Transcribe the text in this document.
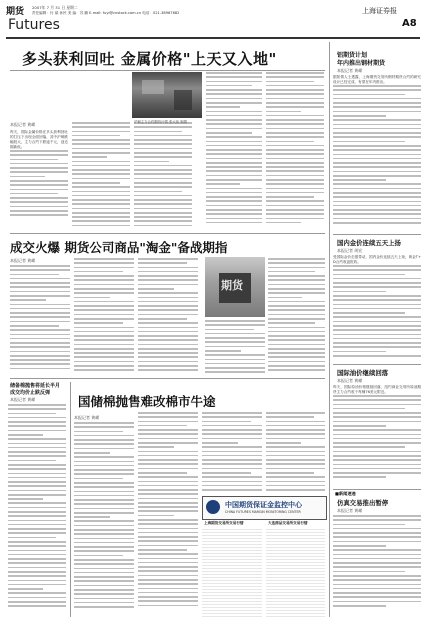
期货 2007年 7 月 31 日 星期二
责任编辑：付 斌 孙民 美 编：苏 鹏 E-mail: fuyl@cnstock.com.cn 电话：021-38967682	上海证券报
Futures	A8
多头获利回吐 金属价格"上天又入地"
本报记者 黄嵘
昨天，国际金属价格在多头获利回吐的打压下出现全面回落，其中沪铜跌幅较大，主力合约下跌逾千元，创近期新低。
沪铜主力合约期货行情 张大伟 制图
铝期货计划
年内推出钢材期货
本报记者 黄嵘
据知情人士透露，上海期货交易所钢材期货合约的研究设计已经完成，有望在年内推出。
国内金价连续五天上扬
本报记者 周宏
受国际金价走强带动，国内金价连续五天上扬，黄金T+D合约收盘报收。
国际油价继续回落
本报记者 黄嵘
昨天，国际原油价格继续回落，纽约商业交易所原油期货主力合约收于每桶76美元附近。
■新闻速递
仿真交易推出暂停
本报记者 黄嵘
成交火爆 期货公司商品"淘金"备战期指
本报记者 黄嵘
期货
储备棉抛售将延长半月
成交均价止跌反弹
本报记者 黄嵘	国储棉抛售难改棉市牛途
本报记者 黄嵘
中国期货保证金监控中心
CHINA FUTURES MARGIN MONITORING CENTER
上海期货交易所交易行情	大连商品交易所交易行情
